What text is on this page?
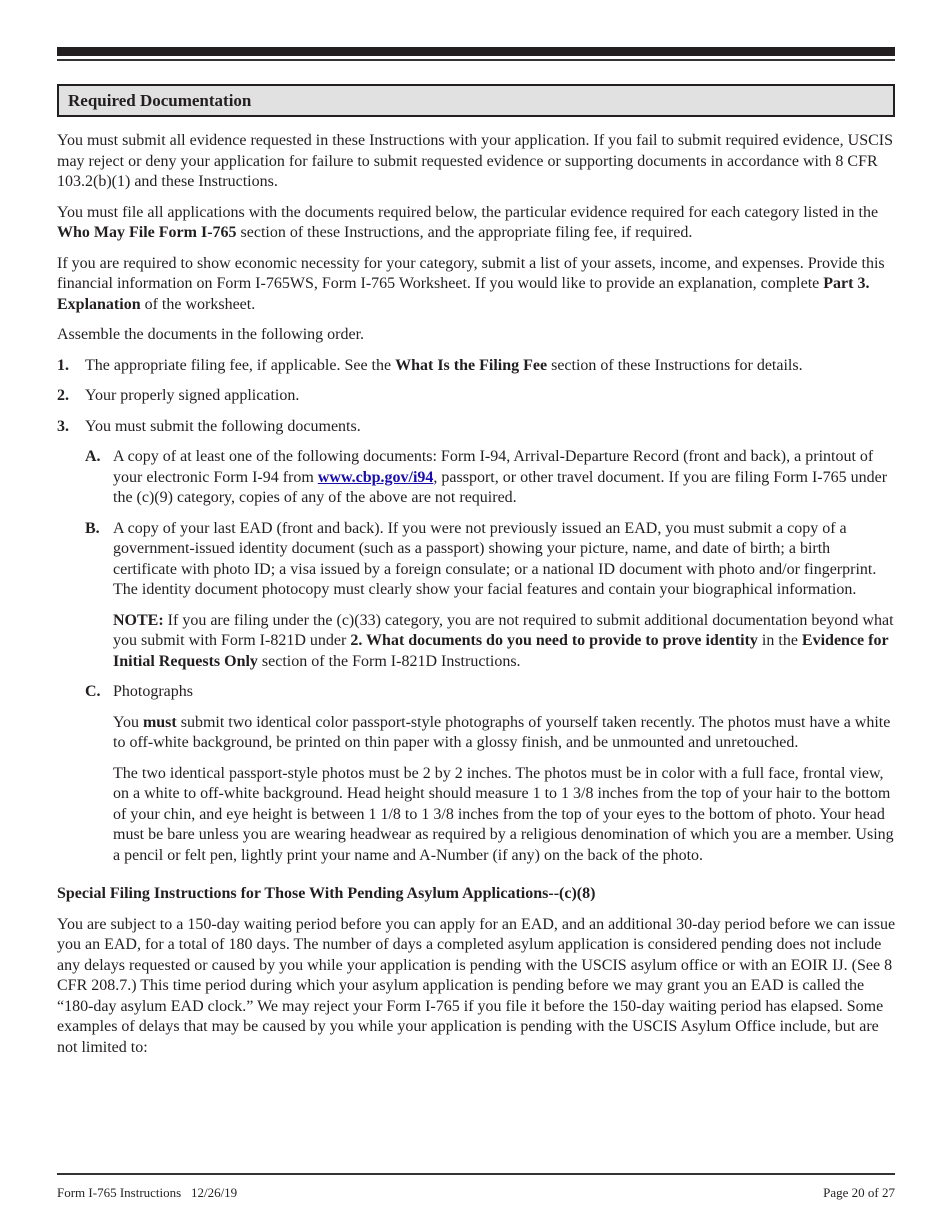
Required Documentation

You must submit all evidence requested in these Instructions with your application. If you fail to submit required evidence, USCIS may reject or deny your application for failure to submit requested evidence or supporting documents in accordance with 8 CFR 103.2(b)(1) and these Instructions.

You must file all applications with the documents required below, the particular evidence required for each category listed in the Who May File Form I-765 section of these Instructions, and the appropriate filing fee, if required.

If you are required to show economic necessity for your category, submit a list of your assets, income, and expenses. Provide this financial information on Form I-765WS, Form I-765 Worksheet. If you would like to provide an explanation, complete Part 3. Explanation of the worksheet.

Assemble the documents in the following order.

1.	The appropriate filing fee, if applicable. See the What Is the Filing Fee section of these Instructions for details.
2.	Your properly signed application.
3.	You must submit the following documents.
A. A copy of at least one of the following documents: Form I-94, Arrival-Departure Record (front and back), a printout of your electronic Form I-94 from www.cbp.gov/i94, passport, or other travel document. If you are filing Form I-765 under the (c)(9) category, copies of any of the above are not required.
B. A copy of your last EAD (front and back). If you were not previously issued an EAD, you must submit a copy of a government-issued identity document (such as a passport) showing your picture, name, and date of birth; a birth certificate with photo ID; a visa issued by a foreign consulate; or a national ID document with photo and/or fingerprint. The identity document photocopy must clearly show your facial features and contain your biographical information.

NOTE: If you are filing under the (c)(33) category, you are not required to submit additional documentation beyond what you submit with Form I-821D under 2. What documents do you need to provide to prove identity in the Evidence for Initial Requests Only section of the Form I-821D Instructions.

C. Photographs

You must submit two identical color passport-style photographs of yourself taken recently. The photos must have a white to off-white background, be printed on thin paper with a glossy finish, and be unmounted and unretouched.

The two identical passport-style photos must be 2 by 2 inches. The photos must be in color with a full face, frontal view, on a white to off-white background. Head height should measure 1 to 1 3/8 inches from the top of your hair to the bottom of your chin, and eye height is between 1 1/8 to 1 3/8 inches from the top of your eyes to the bottom of photo. Your head must be bare unless you are wearing headwear as required by a religious denomination of which you are a member. Using a pencil or felt pen, lightly print your name and A-Number (if any) on the back of the photo.

Special Filing Instructions for Those With Pending Asylum Applications--(c)(8)

You are subject to a 150-day waiting period before you can apply for an EAD, and an additional 30-day period before we can issue you an EAD, for a total of 180 days. The number of days a completed asylum application is considered pending does not include any delays requested or caused by you while your application is pending with the USCIS asylum office or with an EOIR IJ. (See 8 CFR 208.7.) This time period during which your asylum application is pending before we may grant you an EAD is called the “180-day asylum EAD clock.” We may reject your Form I-765 if you file it before the 150-day waiting period has elapsed. Some examples of delays that may be caused by you while your application is pending with the USCIS Asylum Office include, but are not limited to:

Form I-765 Instructions   12/26/19	Page 20 of 27
